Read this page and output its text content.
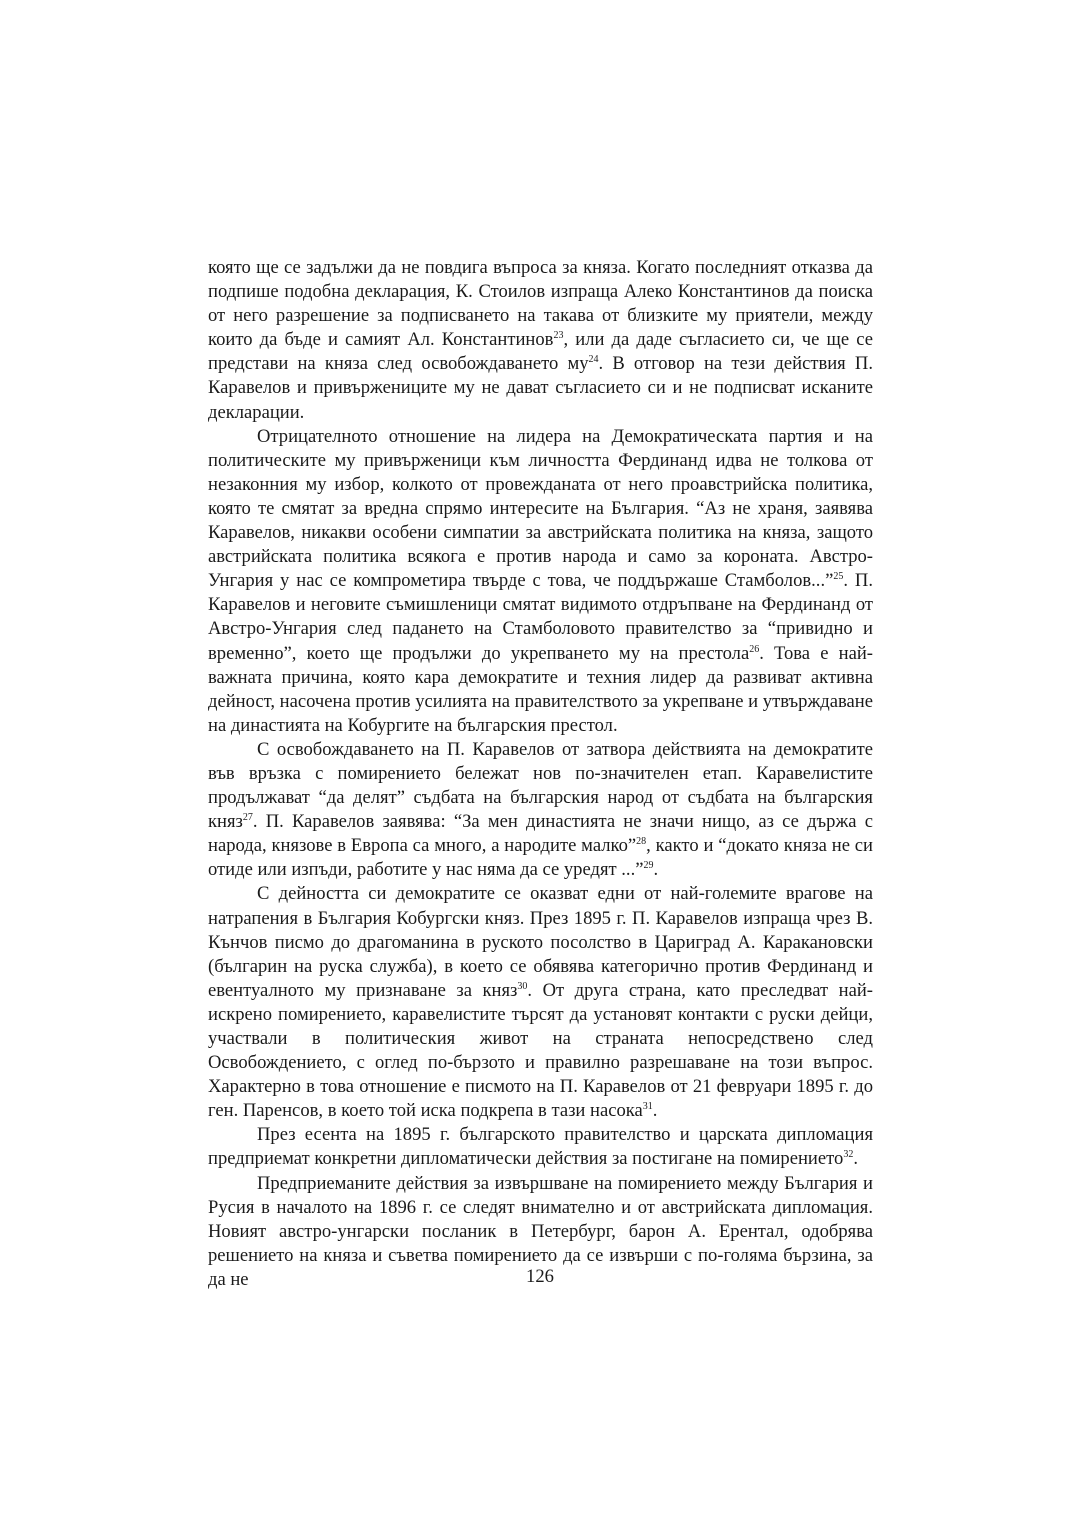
която ще се задължи да не повдига въпроса за княза. Когато последният отказва да подпише подобна декларация, К. Стоилов изпраща Алеко Константинов да поиска от него разрешение за подписването на такава от близките му приятели, между които да бъде и самият Ал. Константинов$^{23}$, или да даде съгласието си, че ще се представи на княза след освобождаването $му^{24}$. В отговор на тези действия П. Каравелов и привържениците му не дават съгласието си и не подписват исканите декларации.

Отрицателното отношение на лидера на Демократическата партия и на политическите му привърженици към личността Фердинанд идва не толкова от незаконния му избор, колкото от провежданата от него проавстрийска политика, която те смятат за вредна спрямо интересите на България. “Аз не храня, заявява Каравелов, никакви особени симпатии за австрийската политика на княза, защото австрийската политика всякога е против народа и само за короната. Австро-Унгария у нас се компрометира твърде с това, че поддържаше Стамболов...”$^{25}$. П. Каравелов и неговите съмишленици смятат видимото отдръпване на Фердинанд от Австро-Унгария след падането на Стамболовото правителство за “привидно и временно”, което ще продължи до укрепването му на престола$^{26}$. Това е най-важната причина, която кара демократите и техния лидер да развиват активна дейност, насочена против усилията на правителството за укрепване и утвърждаване на династията на Кобургите на българския престол.

С освобождаването на П. Каравелов от затвора действията на демократите във връзка с помирението бележат нов по-значителен етап. Каравелистите продължават “да делят” съдбата на българския народ от съдбата на българския княз$^{27}$. П. Каравелов заявява: “За мен династията не значи нищо, аз се държа с народа, князове в Европа са много, а народите малко”$^{28}$, както и “докато княза не си отиде или изпъди, работите у нас няма да се уредят ...”$^{29}$.

С дейността си демократите се оказват едни от най-големите врагове на натрапения в България Кобургски княз. През 1895 г. П. Каравелов изпраща чрез В. Кънчов писмо до драгоманина в руското посолство в Цариград А. Каракановски (българин на руска служба), в което се обявява категорично против Фердинанд и евентуалното му признаване за княз$^{30}$. От друга страна, като преследват най-искрено помирението, каравелистите търсят да установят контакти с руски дейци, участвали в политическия живот на страната непосредствено след Освобождението, с оглед по-бързото и правилно разрешаване на този въпрос. Характерно в това отношение е писмото на П. Каравелов от 21 февруари 1895 г. до ген. Паренсов, в което той иска подкрепа в тази насока$^{31}$.

През есента на 1895 г. българското правителство и царската дипломация предприемат конкретни дипломатически действия за постигане на помирението$^{32}$.

Предприеманите действия за извършване на помирението между България и Русия в началото на 1896 г. се следят внимателно и от австрийската дипломация. Новият австро-унгарски посланик в Петербург, барон А. Ерентал, одобрява решението на княза и съветва помирението да се извърши с по-голяма бързина, за да не	126
